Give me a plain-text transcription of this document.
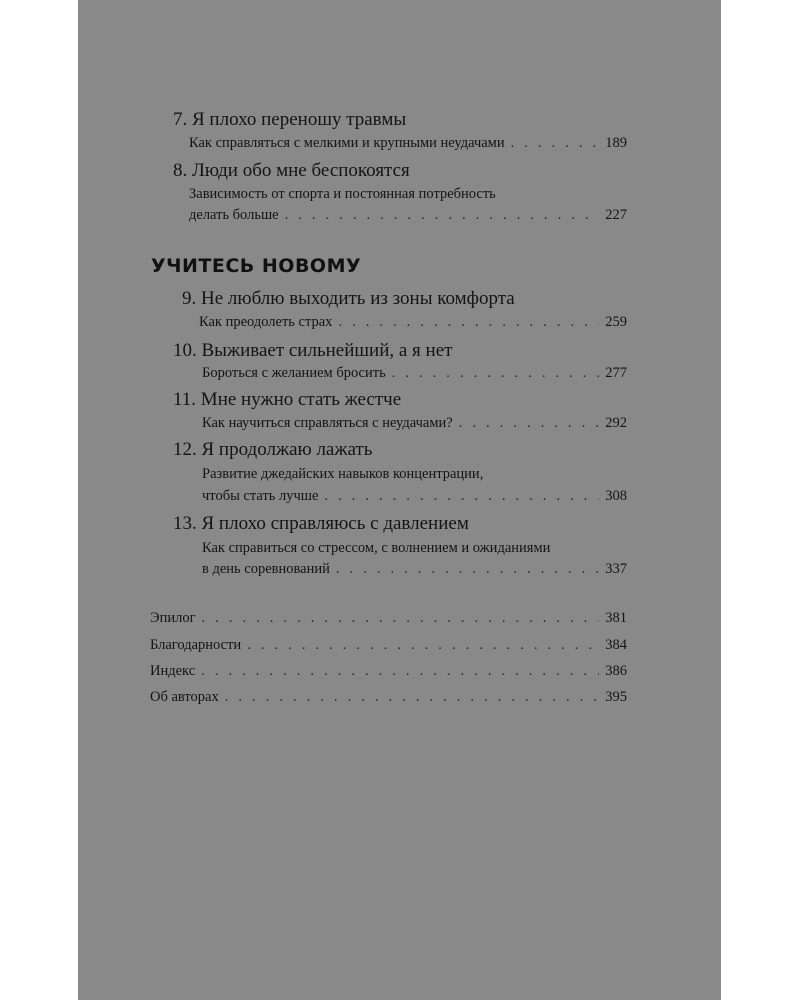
7. Я плохо переношу травмы
Как справляться с мелкими и крупными неудачами . . .	189
8. Люди обо мне беспокоятся
Зависимость от спорта и постоянная потребность
делать больше . . .	227
УЧИТЕСЬ НОВОМУ
9. Не люблю выходить из зоны комфорта
Как преодолеть страх . . .	259
10. Выживает сильнейший, а я нет
Бороться с желанием бросить . . .	277
11. Мне нужно стать жестче
Как научиться справляться с неудачами? . . .	292
12. Я продолжаю лажать
Развитие джедайских навыков концентрации,
чтобы стать лучше . . .	308
13. Я плохо справляюсь с давлением
Как справиться со стрессом, с волнением и ожиданиями
в день соревнований . . .	337
Эпилог . . .	381
Благодарности . . .	384
Индекс . . .	386
Об авторах . . .	395
